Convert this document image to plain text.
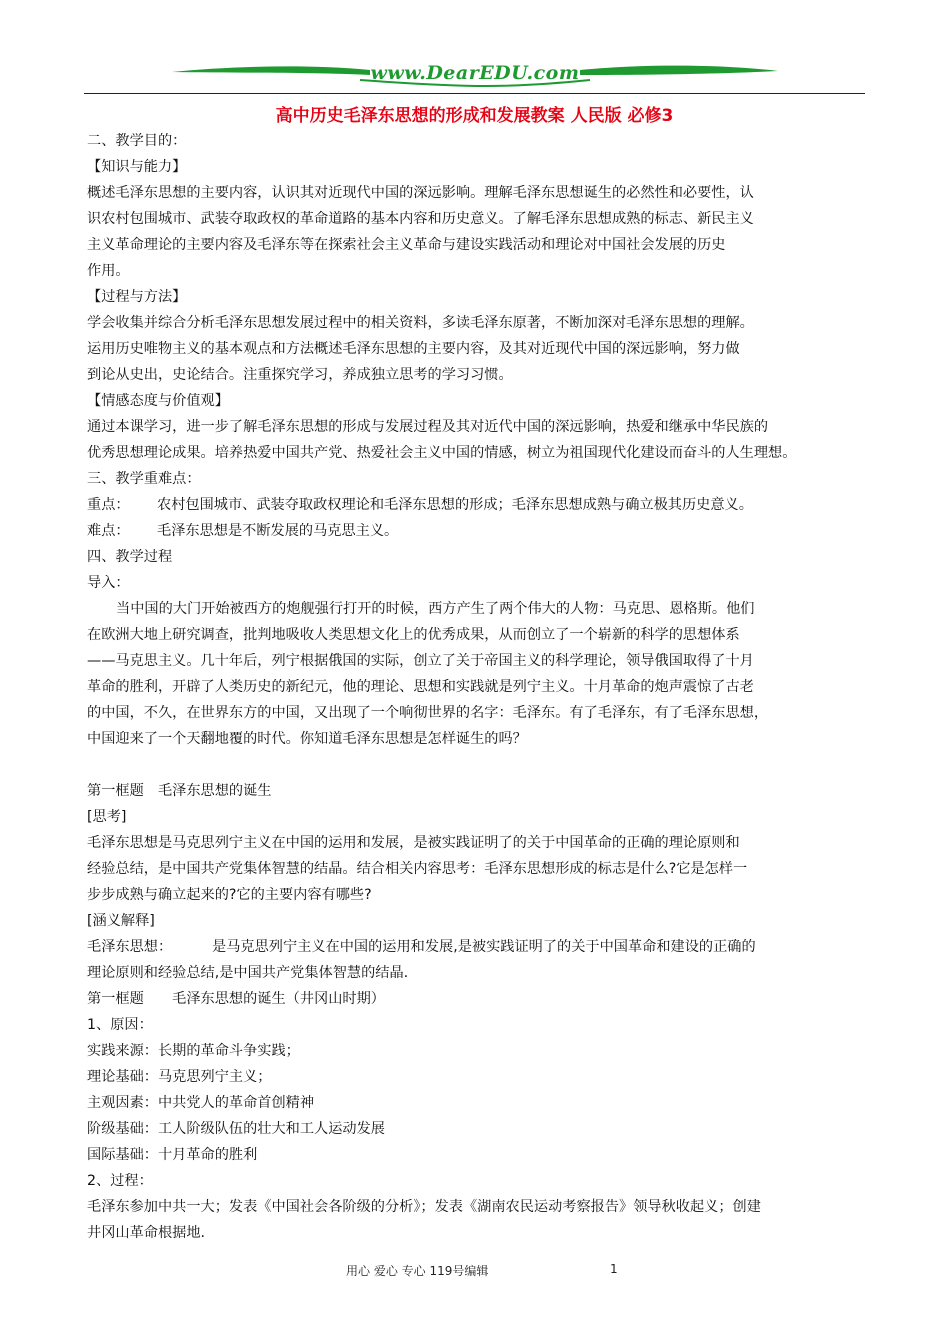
www.DearEDU.com
高中历史毛泽东思想的形成和发展教案 人民版 必修3

二、教学目的：

【知识与能力】

概述毛泽东思想的主要内容，认识其对近现代中国的深远影响。理解毛泽东思想诞生的必然性和必要性，认

识农村包围城市、武装夺取政权的革命道路的基本内容和历史意义。了解毛泽东思想成熟的标志、新民主义

主义革命理论的主要内容及毛泽东等在探索社会主义革命与建设实践活动和理论对中国社会发展的历史

作用。

【过程与方法】

学会收集并综合分析毛泽东思想发展过程中的相关资料，多读毛泽东原著，不断加深对毛泽东思想的理解。

运用历史唯物主义的基本观点和方法概述毛泽东思想的主要内容，及其对近现代中国的深远影响，努力做

到论从史出，史论结合。注重探究学习，养成独立思考的学习习惯。

【情感态度与价值观】

通过本课学习，进一步了解毛泽东思想的形成与发展过程及其对近代中国的深远影响，热爱和继承中华民族的

优秀思想理论成果。培养热爱中国共产党、热爱社会主义中国的情感，树立为祖国现代化建设而奋斗的人生理想。

三、教学重难点：

重点： 农村包围城市、武装夺取政权理论和毛泽东思想的形成；毛泽东思想成熟与确立极其历史意义。

难点： 毛泽东思想是不断发展的马克思主义。

四、教学过程

导入：

当中国的大门开始被西方的炮舰强行打开的时候，西方产生了两个伟大的人物：马克思、恩格斯。他们

在欧洲大地上研究调查，批判地吸收人类思想文化上的优秀成果，从而创立了一个崭新的科学的思想体系

——马克思主义。几十年后，列宁根据俄国的实际，创立了关于帝国主义的科学理论，领导俄国取得了十月

革命的胜利，开辟了人类历史的新纪元，他的理论、思想和实践就是列宁主义。十月革命的炮声震惊了古老

的中国，不久，在世界东方的中国，又出现了一个响彻世界的名字：毛泽东。有了毛泽东，有了毛泽东思想，

中国迎来了一个天翻地覆的时代。你知道毛泽东思想是怎样诞生的吗？

第一框题　毛泽东思想的诞生

[思考]

毛泽东思想是马克思列宁主义在中国的运用和发展，是被实践证明了的关于中国革命的正确的理论原则和

经验总结，是中国共产党集体智慧的结晶。结合相关内容思考：毛泽东思想形成的标志是什么?它是怎样一

步步成熟与确立起来的?它的主要内容有哪些?

[涵义解释]

毛泽东思想：	是马克思列宁主义在中国的运用和发展,是被实践证明了的关于中国革命和建设的正确的

理论原则和经验总结,是中国共产党集体智慧的结晶.

第一框题　　毛泽东思想的诞生（井冈山时期）

1、原因：

实践来源：长期的革命斗争实践；

理论基础：马克思列宁主义；

主观因素：中共党人的革命首创精神

阶级基础：工人阶级队伍的壮大和工人运动发展

国际基础：十月革命的胜利

2、过程：

毛泽东参加中共一大；发表《中国社会各阶级的分析》；发表《湖南农民运动考察报告》领导秋收起义；创建

井冈山革命根据地.

用心 爱心 专心 119号编辑	1
